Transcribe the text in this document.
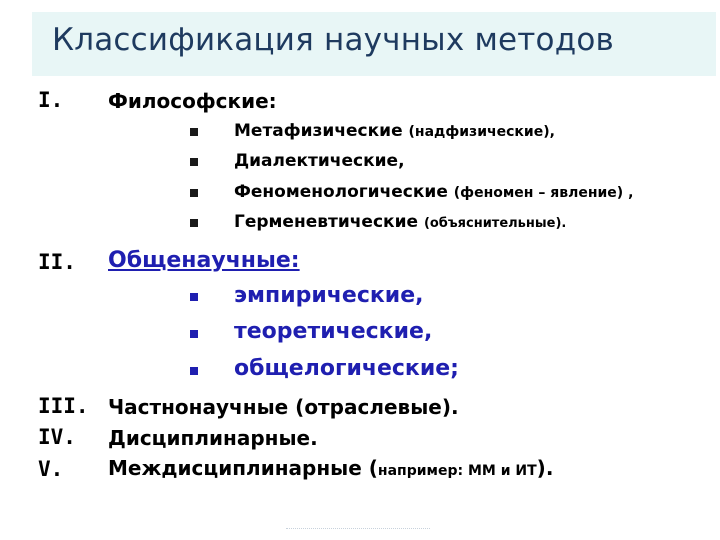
Классификация научных методов
I. Философские:
Метафизические (надфизические),
Диалектические,
Феноменологические (феномен – явление) ,
Герменевтические (объяснительные).
II. Общенаучные:
эмпирические,
теоретические,
общелогические;
III. Частнонаучные (отраслевые).
IV. Дисциплинарные.
V. Междисциплинарные (например: ММ и ИТ).
